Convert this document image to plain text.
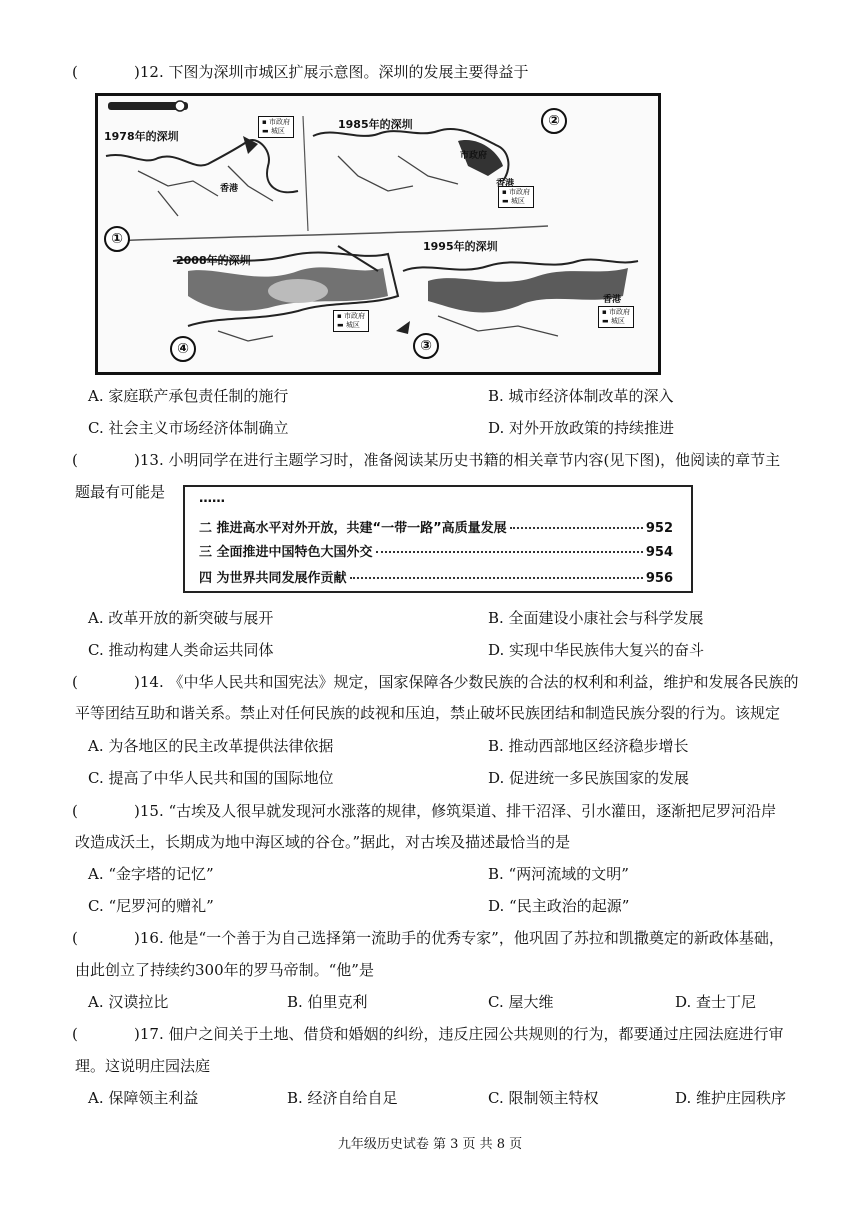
(	)12. 下图为深圳市城区扩展示意图。深圳的发展主要得益于
1978年的深圳
1985年的深圳
1995年的深圳
2008年的深圳
①
②
③
④
▪ 市政府
▬ 城区
▪ 市政府
▬ 城区
▪ 市政府
▬ 城区
▪ 市政府
▬ 城区
香港	香港
香港
市政府
A. 家庭联产承包责任制的施行	B. 城市经济体制改革的深入
C. 社会主义市场经济体制确立	D. 对外开放政策的持续推进
(	)13. 小明同学在进行主题学习时，准备阅读某历史书籍的相关章节内容(见下图)，他阅读的章节主
题最有可能是	……
二 推进高水平对外开放，共建“一带一路”高质量发展	952
三 全面推进中国特色大国外交	954
四 为世界共同发展作贡献	956
A. 改革开放的新突破与展开	B. 全面建设小康社会与科学发展
C. 推动构建人类命运共同体	D. 实现中华民族伟大复兴的奋斗
(	)14. 《中华人民共和国宪法》规定，国家保障各少数民族的合法的权利和利益，维护和发展各民族的
平等团结互助和谐关系。禁止对任何民族的歧视和压迫，禁止破坏民族团结和制造民族分裂的行为。该规定
A. 为各地区的民主改革提供法律依据	B. 推动西部地区经济稳步增长
C. 提高了中华人民共和国的国际地位	D. 促进统一多民族国家的发展
(	)15. “古埃及人很早就发现河水涨落的规律，修筑渠道、排干沼泽、引水灌田，逐渐把尼罗河沿岸
改造成沃土，长期成为地中海区域的谷仓。”据此，对古埃及描述最恰当的是
A. “金字塔的记忆”	B. “两河流域的文明”
C. “尼罗河的赠礼”	D. “民主政治的起源”
(	)16. 他是“一个善于为自己选择第一流助手的优秀专家”，他巩固了苏拉和凯撒奠定的新政体基础，
由此创立了持续约300年的罗马帝制。“他”是
A. 汉谟拉比	B. 伯里克利	C. 屋大维	D. 查士丁尼
(	)17. 佃户之间关于土地、借贷和婚姻的纠纷，违反庄园公共规则的行为，都要通过庄园法庭进行审
理。这说明庄园法庭
A. 保障领主利益	B. 经济自给自足	C. 限制领主特权	D. 维护庄园秩序
九年级历史试卷 第 3 页 共 8 页
